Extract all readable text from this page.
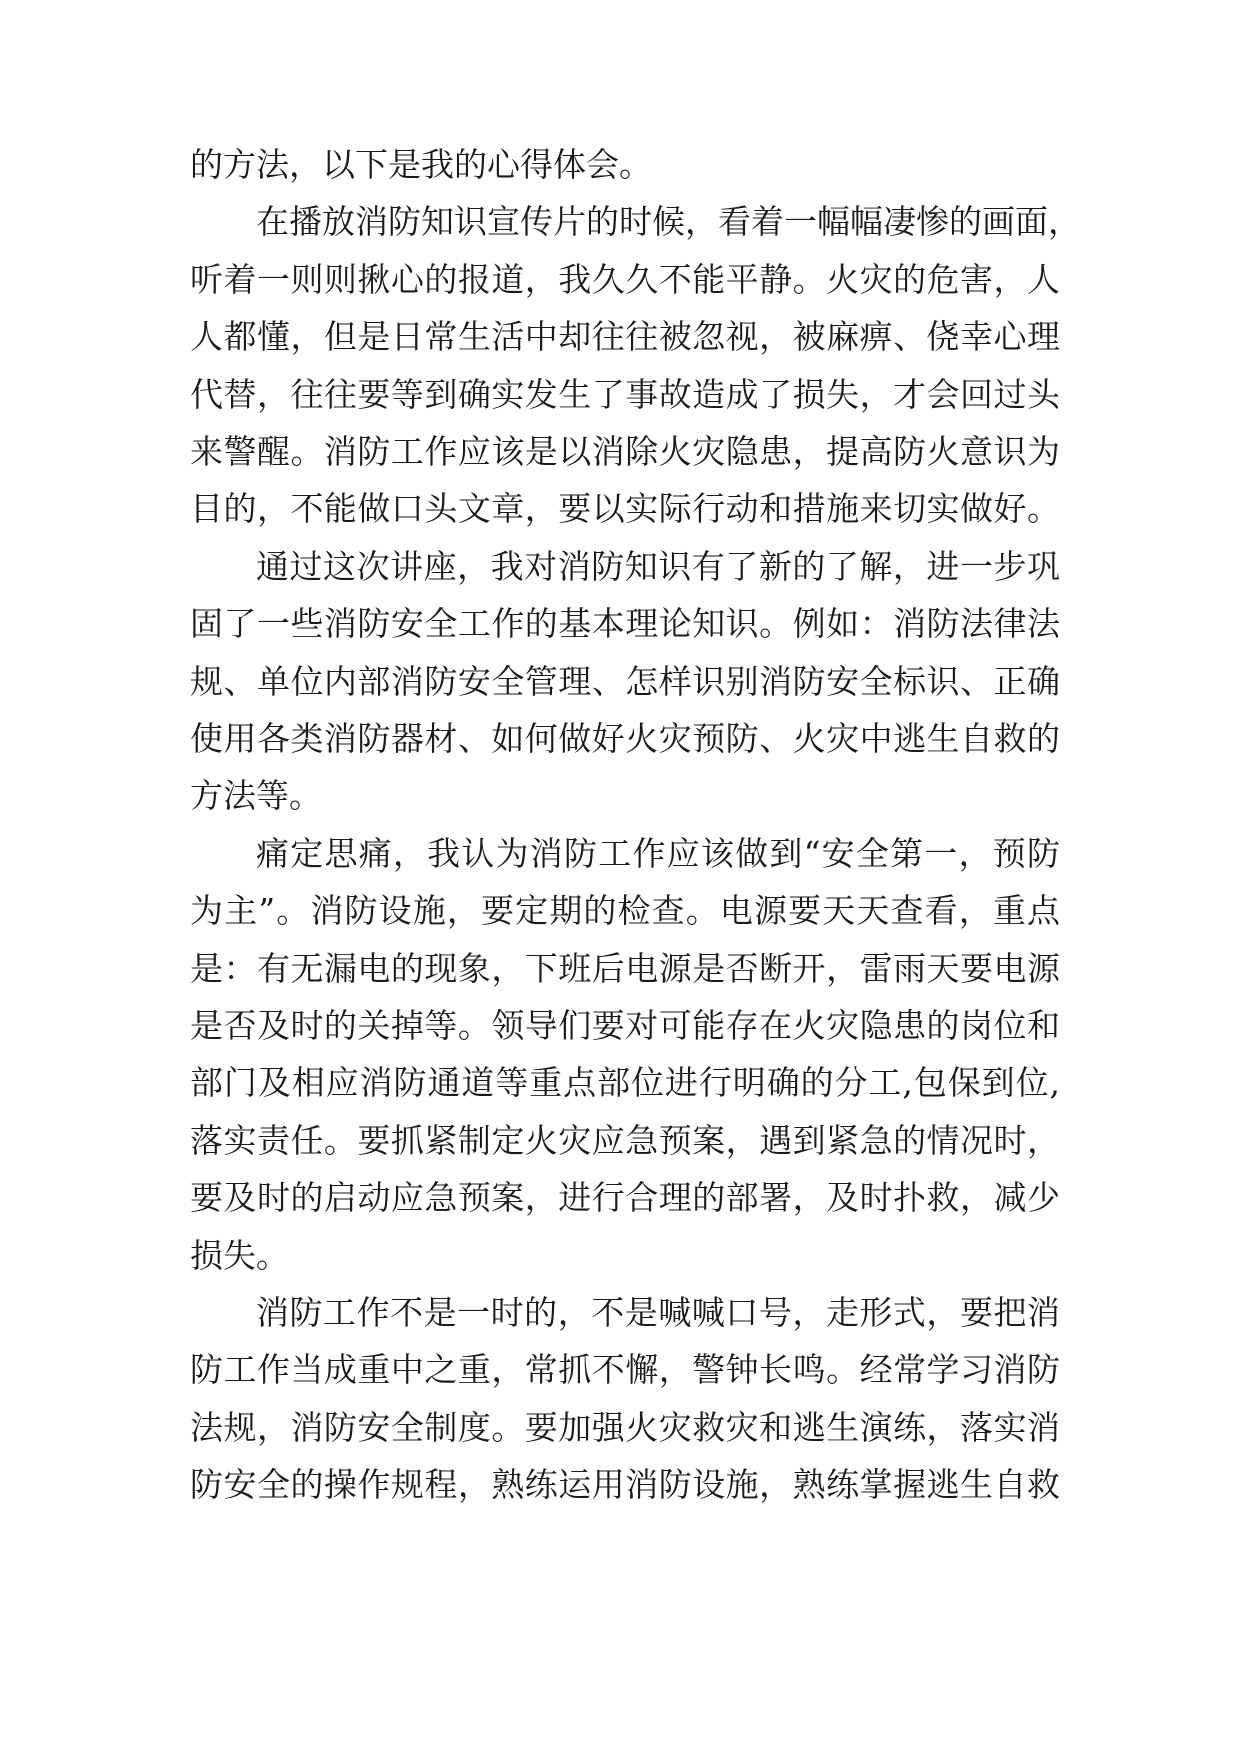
的方法，以下是我的心得体会。
在播放消防知识宣传片的时候，看着一幅幅凄惨的画面，
听着一则则揪心的报道，我久久不能平静。火灾的危害，人
人都懂，但是日常生活中却往往被忽视，被麻痹、侥幸心理
代替，往往要等到确实发生了事故造成了损失，才会回过头
来警醒。消防工作应该是以消除火灾隐患，提高防火意识为
目的，不能做口头文章，要以实际行动和措施来切实做好。
通过这次讲座，我对消防知识有了新的了解，进一步巩
固了一些消防安全工作的基本理论知识。例如：消防法律法
规、单位内部消防安全管理、怎样识别消防安全标识、正确
使用各类消防器材、如何做好火灾预防、火灾中逃生自救的
方法等。
痛定思痛，我认为消防工作应该做到“安全第一，预防
为主”。消防设施，要定期的检查。电源要天天查看，重点
是：有无漏电的现象，下班后电源是否断开，雷雨天要电源
是否及时的关掉等。领导们要对可能存在火灾隐患的岗位和
部门及相应消防通道等重点部位进行明确的分工,包保到位,
落实责任。要抓紧制定火灾应急预案，遇到紧急的情况时，
要及时的启动应急预案，进行合理的部署，及时扑救，减少
损失。
消防工作不是一时的，不是喊喊口号，走形式，要把消
防工作当成重中之重，常抓不懈，警钟长鸣。经常学习消防
法规，消防安全制度。要加强火灾救灾和逃生演练，落实消
防安全的操作规程，熟练运用消防设施，熟练掌握逃生自救
